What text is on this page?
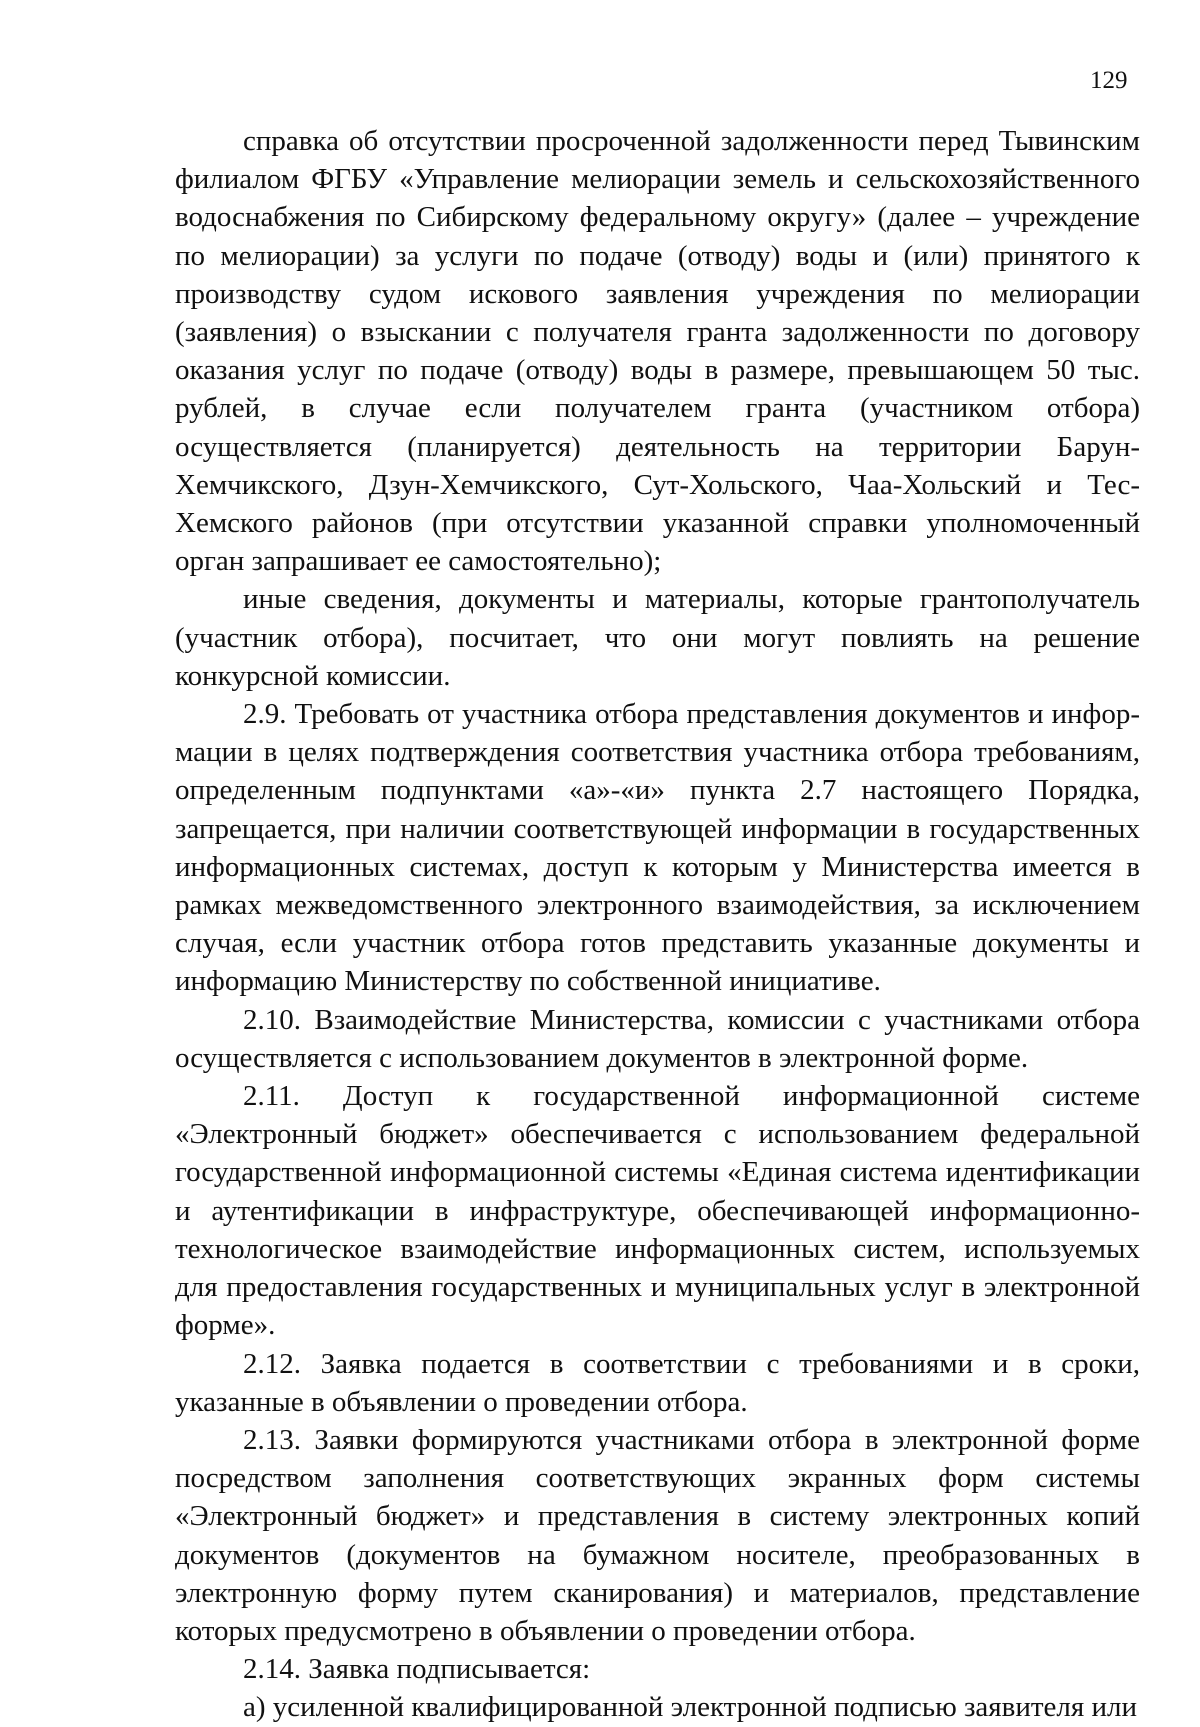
129

справка об отсутствии просроченной задолженности перед Тывинским филиалом ФГБУ «Управление мелиорации земель и сельскохозяйственного водоснабжения по Сибирскому федеральному округу» (далее – учреждение по мелиорации) за услуги по подаче (отводу) воды и (или) принятого к производству судом искового заявления учреждения по мелиорации (заявления) о взыскании с получателя гранта задолженности по договору оказания услуг по подаче (отводу) воды в размере, превышающем 50 тыс. рублей, в случае если получателем гранта (участником отбора) осуществляется (планируется) деятельность на территории Барун-Хемчикского, Дзун-Хемчикского, Сут-Хольского, Чаа-Хольский и Тес-Хемского районов (при отсутствии указанной справки уполномоченный орган запрашивает ее самостоятельно);

иные сведения, документы и материалы, которые грантополучатель (участник отбора), посчитает, что они могут повлиять на решение конкурсной комиссии.

2.9. Требовать от участника отбора представления документов и информации в целях подтверждения соответствия участника отбора требованиям, определенным подпунктами «а»-«и» пункта 2.7 настоящего Порядка, запрещается, при наличии соответствующей информации в государственных информационных системах, доступ к которым у Министерства имеется в рамках межведомственного электронного взаимодействия, за исключением случая, если участник отбора готов представить указанные документы и информацию Министерству по собственной инициативе.

2.10. Взаимодействие Министерства, комиссии с участниками отбора осуществляется с использованием документов в электронной форме.

2.11. Доступ к государственной информационной системе «Электронный бюджет» обеспечивается с использованием федеральной государственной информационной системы «Единая система идентификации и аутентификации в инфраструктуре, обеспечивающей информационно-технологическое взаимодействие информационных систем, используемых для предоставления государственных и муниципальных услуг в электронной форме».

2.12. Заявка подается в соответствии с требованиями и в сроки, указанные в объявлении о проведении отбора.

2.13. Заявки формируются участниками отбора в электронной форме посредством заполнения соответствующих экранных форм системы «Электронный бюджет» и представления в систему электронных копий документов (документов на бумажном носителе, преобразованных в электронную форму путем сканирования) и материалов, представление которых предусмотрено в объявлении о проведении отбора.

2.14. Заявка подписывается:

а) усиленной квалифицированной электронной подписью заявителя или
